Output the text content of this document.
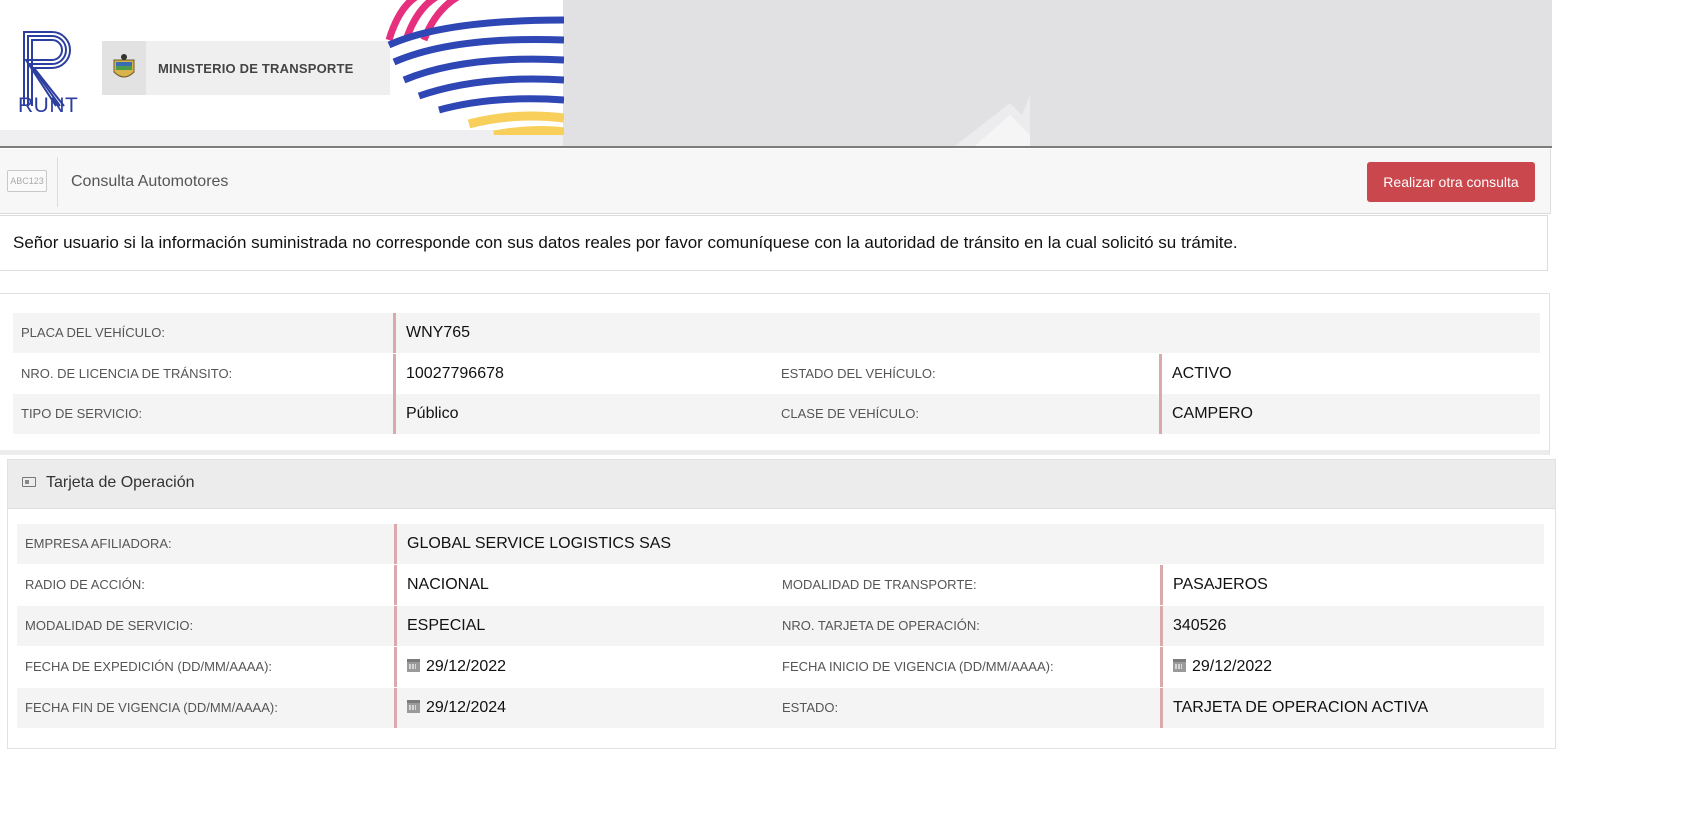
RUNT
MINISTERIO DE TRANSPORTE
ABC123 Consulta Automotores	Realizar otra consulta
Señor usuario si la información suministrada no corresponde con sus datos reales por favor comuníquese con la autoridad de tránsito en la cual solicitó su trámite.
PLACA DEL VEHÍCULO:	WNY765
NRO. DE LICENCIA DE TRÁNSITO:	10027796678	ESTADO DEL VEHÍCULO:	ACTIVO
TIPO DE SERVICIO:	Público	CLASE DE VEHÍCULO:	CAMPERO
Tarjeta de Operación
EMPRESA AFILIADORA:	GLOBAL SERVICE LOGISTICS SAS
RADIO DE ACCIÓN:	NACIONAL	MODALIDAD DE TRANSPORTE:	PASAJEROS
MODALIDAD DE SERVICIO:	ESPECIAL	NRO. TARJETA DE OPERACIÓN:	340526
FECHA DE EXPEDICIÓN (DD/MM/AAAA):	29/12/2022	FECHA INICIO DE VIGENCIA (DD/MM/AAAA):	29/12/2022
FECHA FIN DE VIGENCIA (DD/MM/AAAA):	29/12/2024	ESTADO:	TARJETA DE OPERACION ACTIVA
